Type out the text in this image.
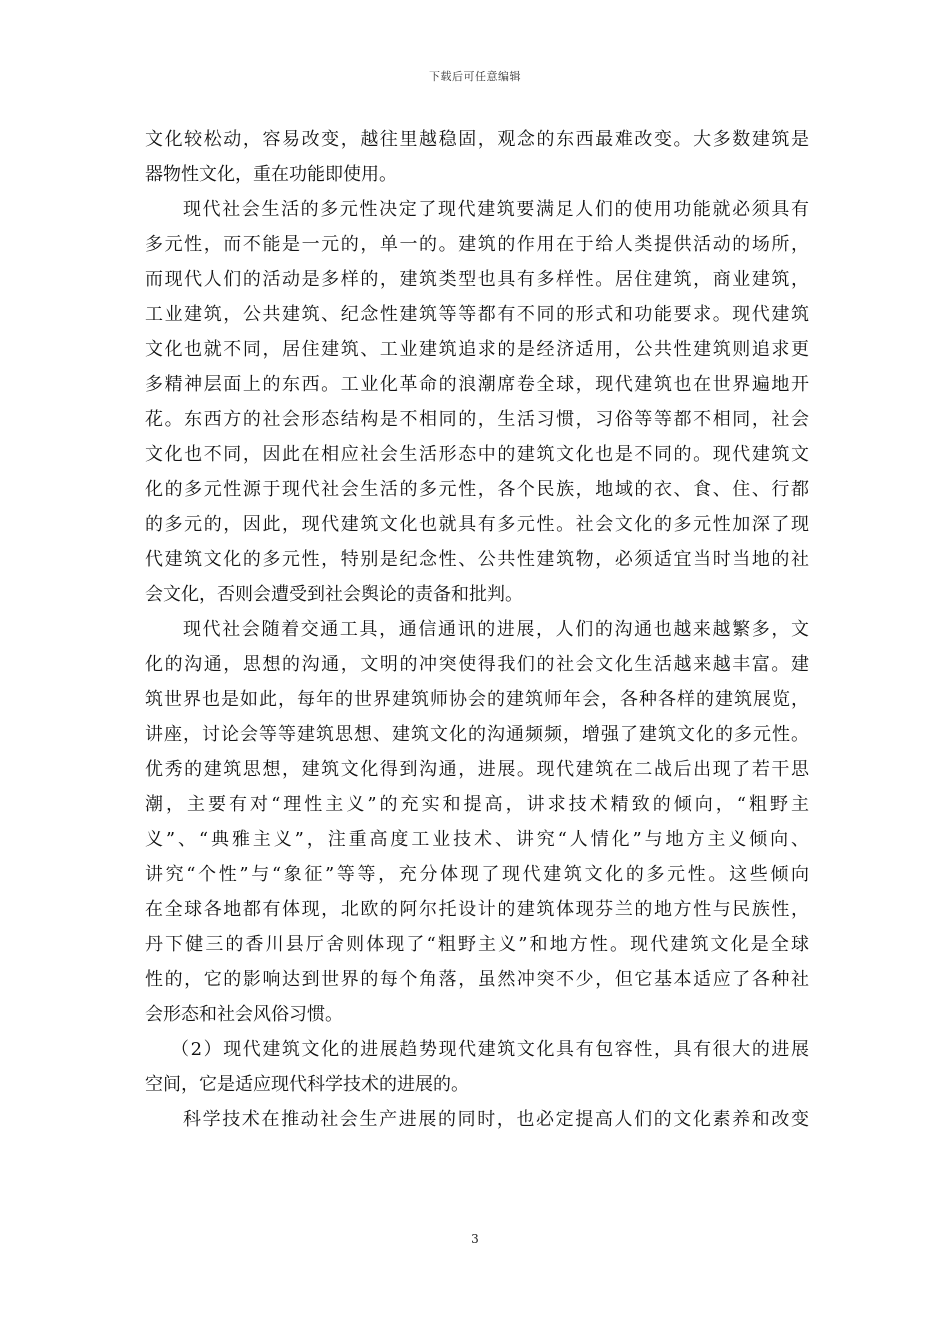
下载后可任意编辑
文化较松动，容易改变，越往里越稳固，观念的东西最难改变。大多数建筑是
器物性文化，重在功能即使用。
现代社会生活的多元性决定了现代建筑要满足人们的使用功能就必须具有
多元性，而不能是一元的，单一的。建筑的作用在于给人类提供活动的场所，
而现代人们的活动是多样的，建筑类型也具有多样性。居住建筑，商业建筑，
工业建筑，公共建筑、纪念性建筑等等都有不同的形式和功能要求。现代建筑
文化也就不同，居住建筑、工业建筑追求的是经济适用，公共性建筑则追求更
多精神层面上的东西。工业化革命的浪潮席卷全球，现代建筑也在世界遍地开
花。东西方的社会形态结构是不相同的，生活习惯，习俗等等都不相同，社会
文化也不同，因此在相应社会生活形态中的建筑文化也是不同的。现代建筑文
化的多元性源于现代社会生活的多元性，各个民族，地域的衣、食、住、行都
的多元的，因此，现代建筑文化也就具有多元性。社会文化的多元性加深了现
代建筑文化的多元性，特别是纪念性、公共性建筑物，必须适宜当时当地的社
会文化，否则会遭受到社会舆论的责备和批判。
现代社会随着交通工具，通信通讯的进展，人们的沟通也越来越繁多，文
化的沟通，思想的沟通，文明的冲突使得我们的社会文化生活越来越丰富。建
筑世界也是如此，每年的世界建筑师协会的建筑师年会，各种各样的建筑展览，
讲座，讨论会等等建筑思想、建筑文化的沟通频频，增强了建筑文化的多元性。
优秀的建筑思想，建筑文化得到沟通，进展。现代建筑在二战后出现了若干思
潮，主要有对“理性主义”的充实和提高，讲求技术精致的倾向，“粗野主
义”、“典雅主义”，注重高度工业技术、讲究“人情化”与地方主义倾向、
讲究“个性”与“象征”等等，充分体现了现代建筑文化的多元性。这些倾向
在全球各地都有体现，北欧的阿尔托设计的建筑体现芬兰的地方性与民族性，
丹下健三的香川县厅舍则体现了“粗野主义”和地方性。现代建筑文化是全球
性的，它的影响达到世界的每个角落，虽然冲突不少，但它基本适应了各种社
会形态和社会风俗习惯。
（2）现代建筑文化的进展趋势现代建筑文化具有包容性，具有很大的进展
空间，它是适应现代科学技术的进展的。
科学技术在推动社会生产进展的同时，也必定提高人们的文化素养和改变
3
